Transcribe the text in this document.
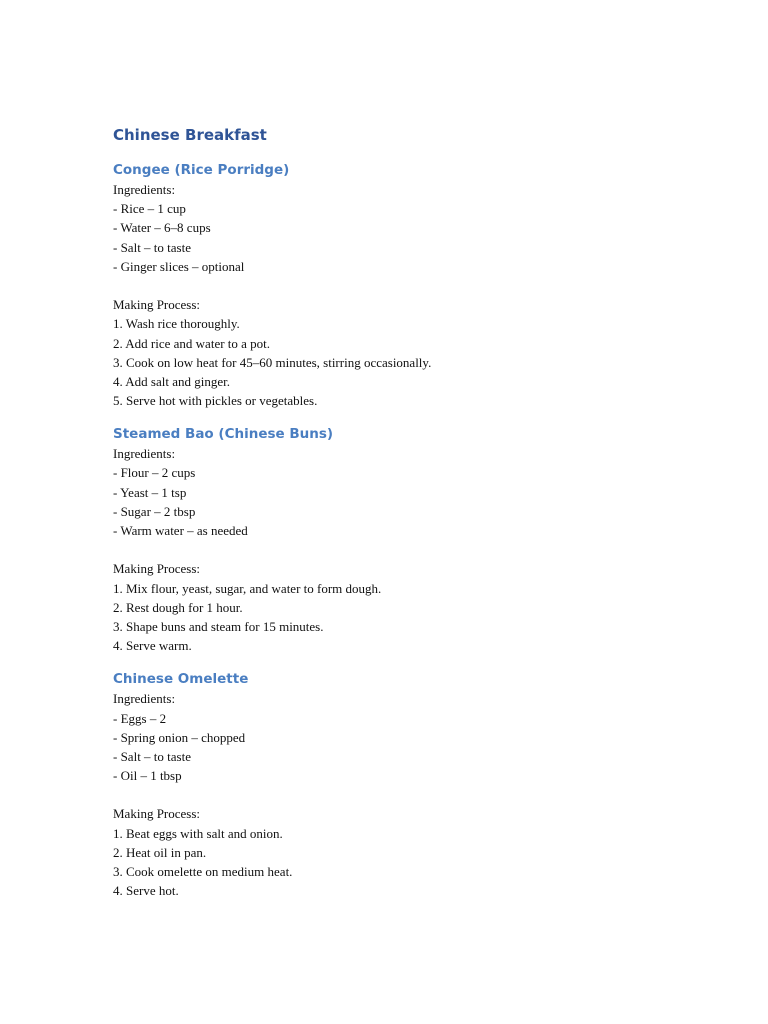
Chinese Breakfast
Congee (Rice Porridge)

Ingredients:

- Rice – 1 cup
- Water – 6–8 cups
- Salt – to taste
- Ginger slices – optional

Making Process:

1. Wash rice thoroughly.
2. Add rice and water to a pot.
3. Cook on low heat for 45–60 minutes, stirring occasionally.
4. Add salt and ginger.
5. Serve hot with pickles or vegetables.
Steamed Bao (Chinese Buns)

Ingredients:

- Flour – 2 cups
- Yeast – 1 tsp
- Sugar – 2 tbsp
- Warm water – as needed

Making Process:

1. Mix flour, yeast, sugar, and water to form dough.
2. Rest dough for 1 hour.
3. Shape buns and steam for 15 minutes.
4. Serve warm.
Chinese Omelette

Ingredients:

- Eggs – 2
- Spring onion – chopped
- Salt – to taste
- Oil – 1 tbsp

Making Process:

1. Beat eggs with salt and onion.
2. Heat oil in pan.
3. Cook omelette on medium heat.
4. Serve hot.
